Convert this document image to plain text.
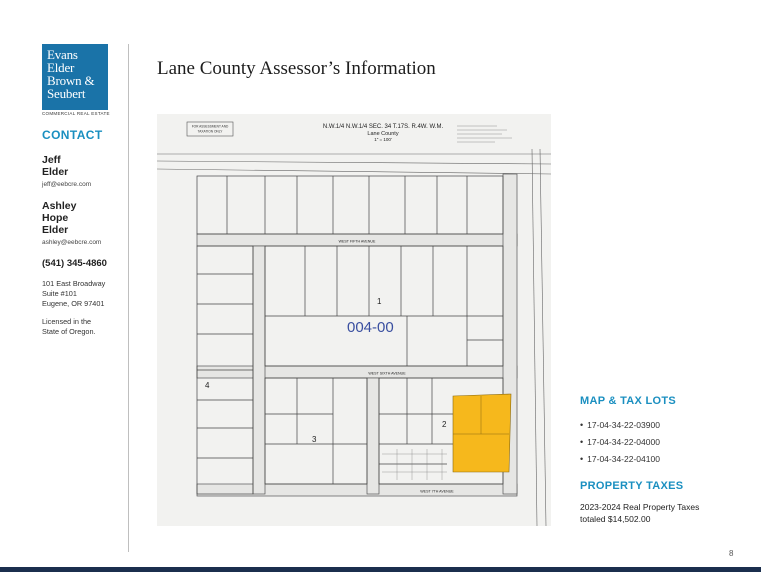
Evans
Elder
Brown &
Seubert
COMMERCIAL REAL ESTATE
CONTACT
Jeff
Elder
jeff@eebcre.com
Ashley
Hope
Elder
ashley@eebcre.com
(541) 345-4860
101 East Broadway
Suite #101
Eugene, OR 97401
Licensed in the
State of Oregon.
Lane County Assessor’s Information
FOR ASSESSMENT AND
TAXATION ONLY
N.W.1/4 N.W.1/4 SEC. 34 T.17S. R.4W. W.M.
Lane County
1" = 100'
WEST FIFTH AVENUE
WEST SIXTH AVENUE
WEST 7TH AVENUE
004-00
1
2
3
4
MAP & TAX LOTS
• 17-04-34-22-03900
• 17-04-34-22-04000
• 17-04-34-22-04100
PROPERTY TAXES
2023-2024 Real Property Taxes
totaled $14,502.00
8
